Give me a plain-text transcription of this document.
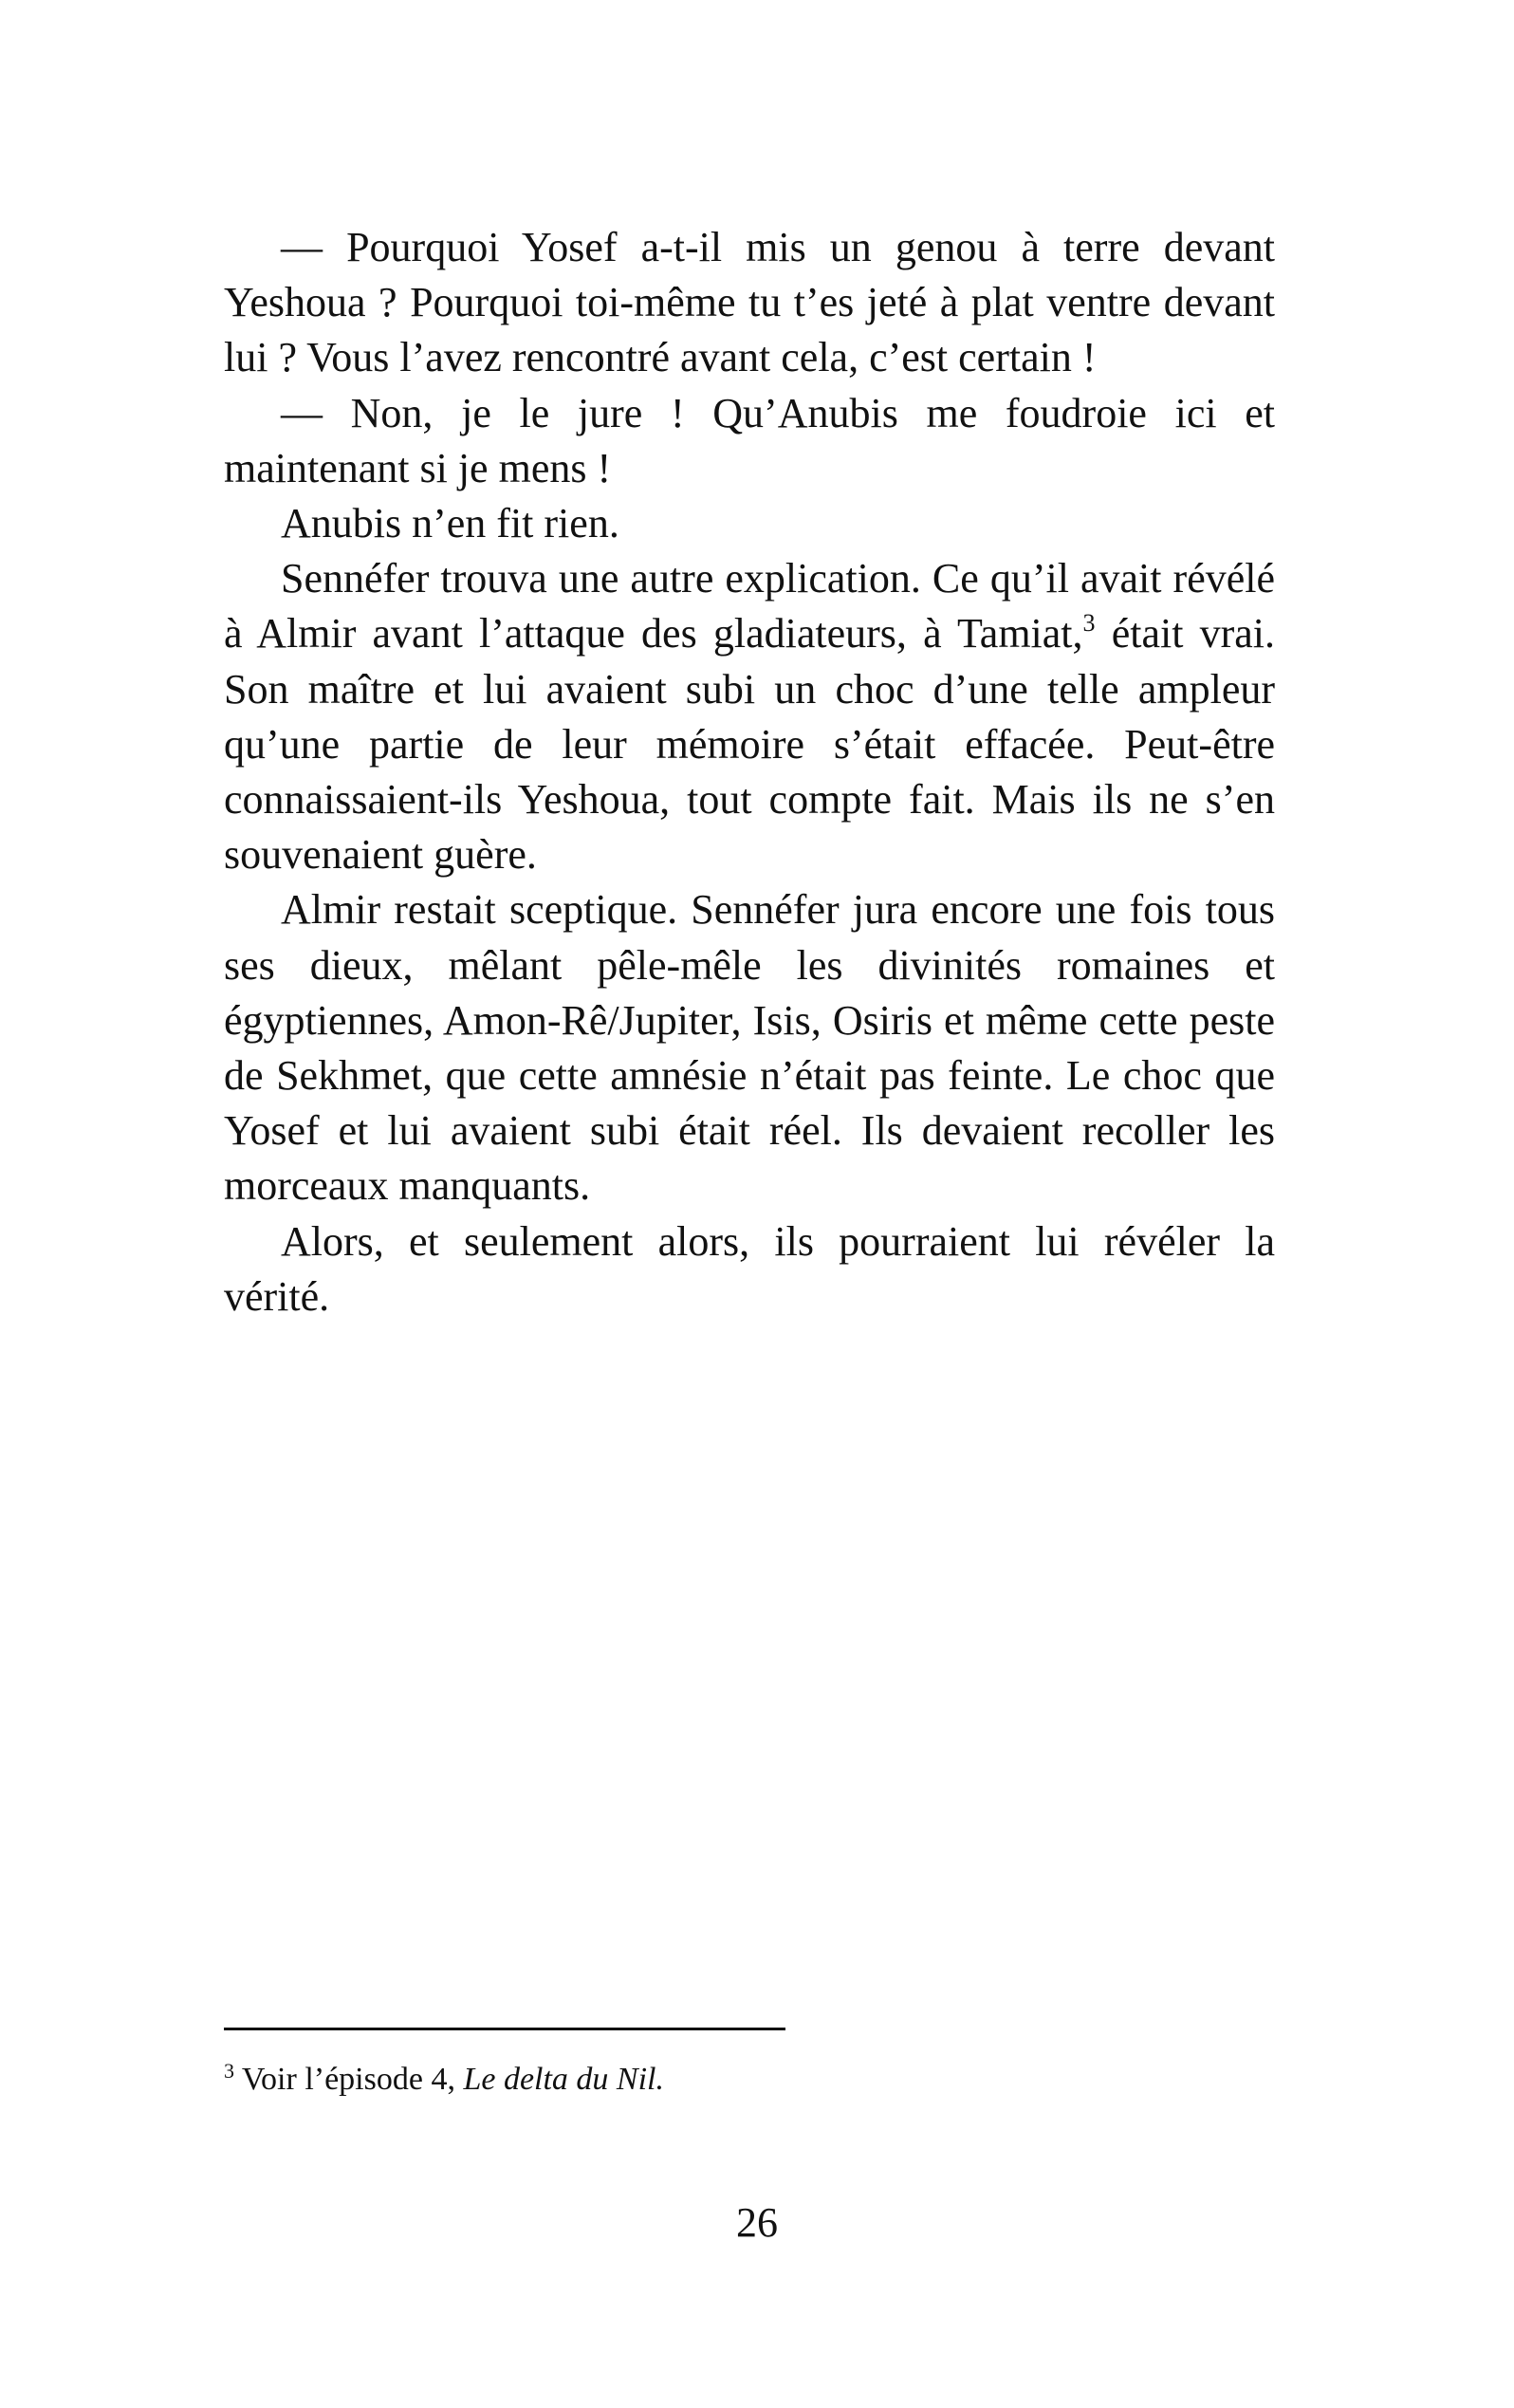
— Pourquoi Yosef a-t-il mis un genou à terre devant Yeshoua ? Pourquoi toi-même tu t’es jeté à plat ventre devant lui ? Vous l’avez rencontré avant cela, c’est certain !

— Non, je le jure ! Qu’Anubis me foudroie ici et maintenant si je mens !

Anubis n’en fit rien.

Sennéfer trouva une autre explication. Ce qu’il avait révélé à Almir avant l’attaque des gladiateurs, à Tamiat,$^3$ était vrai. Son maître et lui avaient subi un choc d’une telle ampleur qu’une partie de leur mémoire s’était effacée. Peut-être connaissaient-ils Yeshoua, tout compte fait. Mais ils ne s’en souvenaient guère.

Almir restait sceptique. Sennéfer jura encore une fois tous ses dieux, mêlant pêle-mêle les divinités romaines et égyptiennes, Amon-Rê/Jupiter, Isis, Osiris et même cette peste de Sekhmet, que cette amnésie n’était pas feinte. Le choc que Yosef et lui avaient subi était réel. Ils devaient recoller les morceaux manquants.

Alors, et seulement alors, ils pourraient lui révéler la vérité.

$^3$ Voir l’épisode 4, Le delta du Nil.
26
